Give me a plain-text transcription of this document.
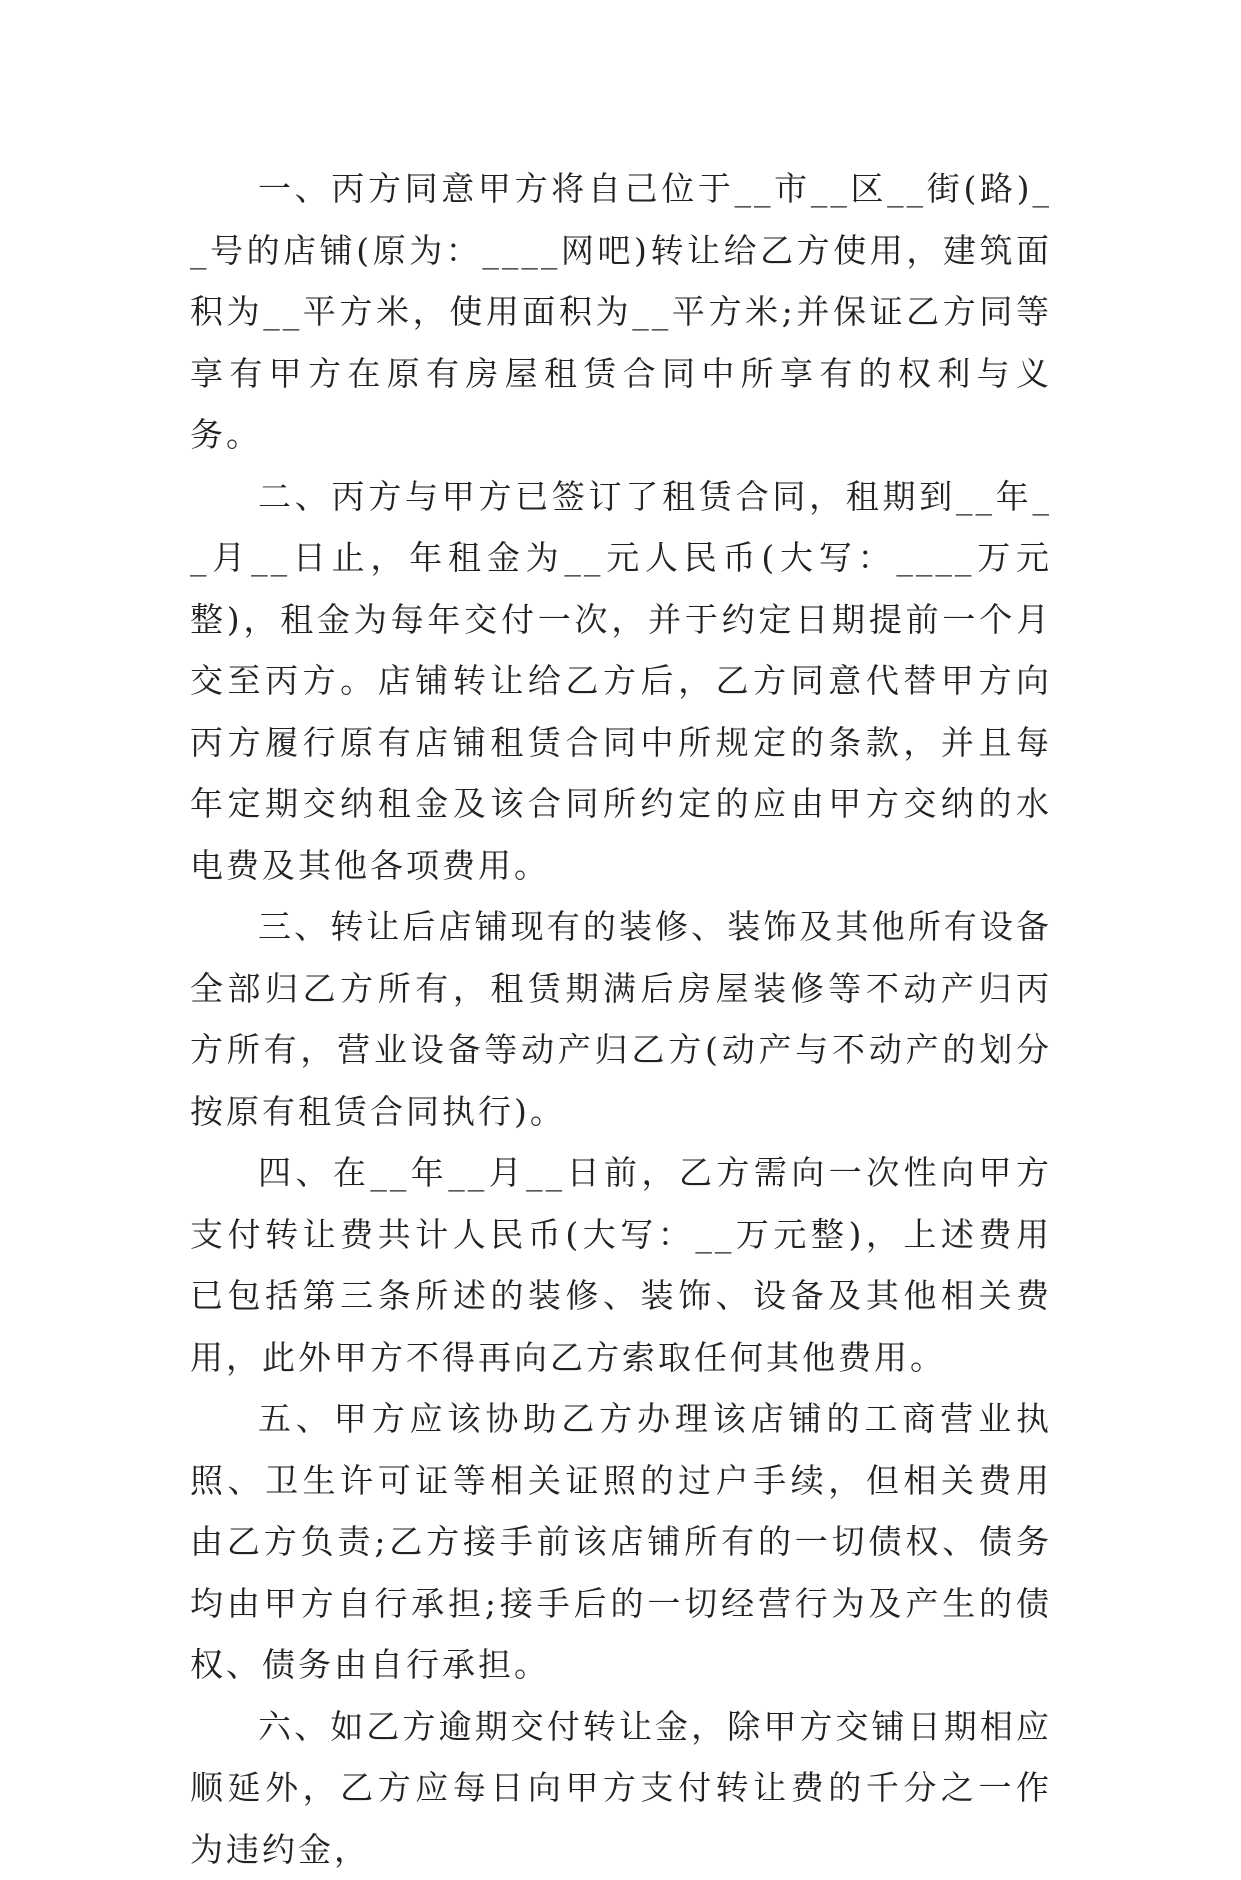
一、丙方同意甲方将自己位于__市__区__街(路)__号的店铺(原为：____网吧)转让给乙方使用，建筑面积为__平方米，使用面积为__平方米;并保证乙方同等享有甲方在原有房屋租赁合同中所享有的权利与义务。

二、丙方与甲方已签订了租赁合同，租期到__年__月__日止，年租金为__元人民币(大写：____万元整)，租金为每年交付一次，并于约定日期提前一个月交至丙方。店铺转让给乙方后，乙方同意代替甲方向丙方履行原有店铺租赁合同中所规定的条款，并且每年定期交纳租金及该合同所约定的应由甲方交纳的水电费及其他各项费用。

三、转让后店铺现有的装修、装饰及其他所有设备全部归乙方所有，租赁期满后房屋装修等不动产归丙方所有，营业设备等动产归乙方(动产与不动产的划分按原有租赁合同执行)。

四、在__年__月__日前，乙方需向一次性向甲方支付转让费共计人民币(大写：__万元整)，上述费用已包括第三条所述的装修、装饰、设备及其他相关费用，此外甲方不得再向乙方索取任何其他费用。

五、甲方应该协助乙方办理该店铺的工商营业执照、卫生许可证等相关证照的过户手续，但相关费用由乙方负责;乙方接手前该店铺所有的一切债权、债务均由甲方自行承担;接手后的一切经营行为及产生的债权、债务由自行承担。

六、如乙方逾期交付转让金，除甲方交铺日期相应顺延外，乙方应每日向甲方支付转让费的千分之一作为违约金，
